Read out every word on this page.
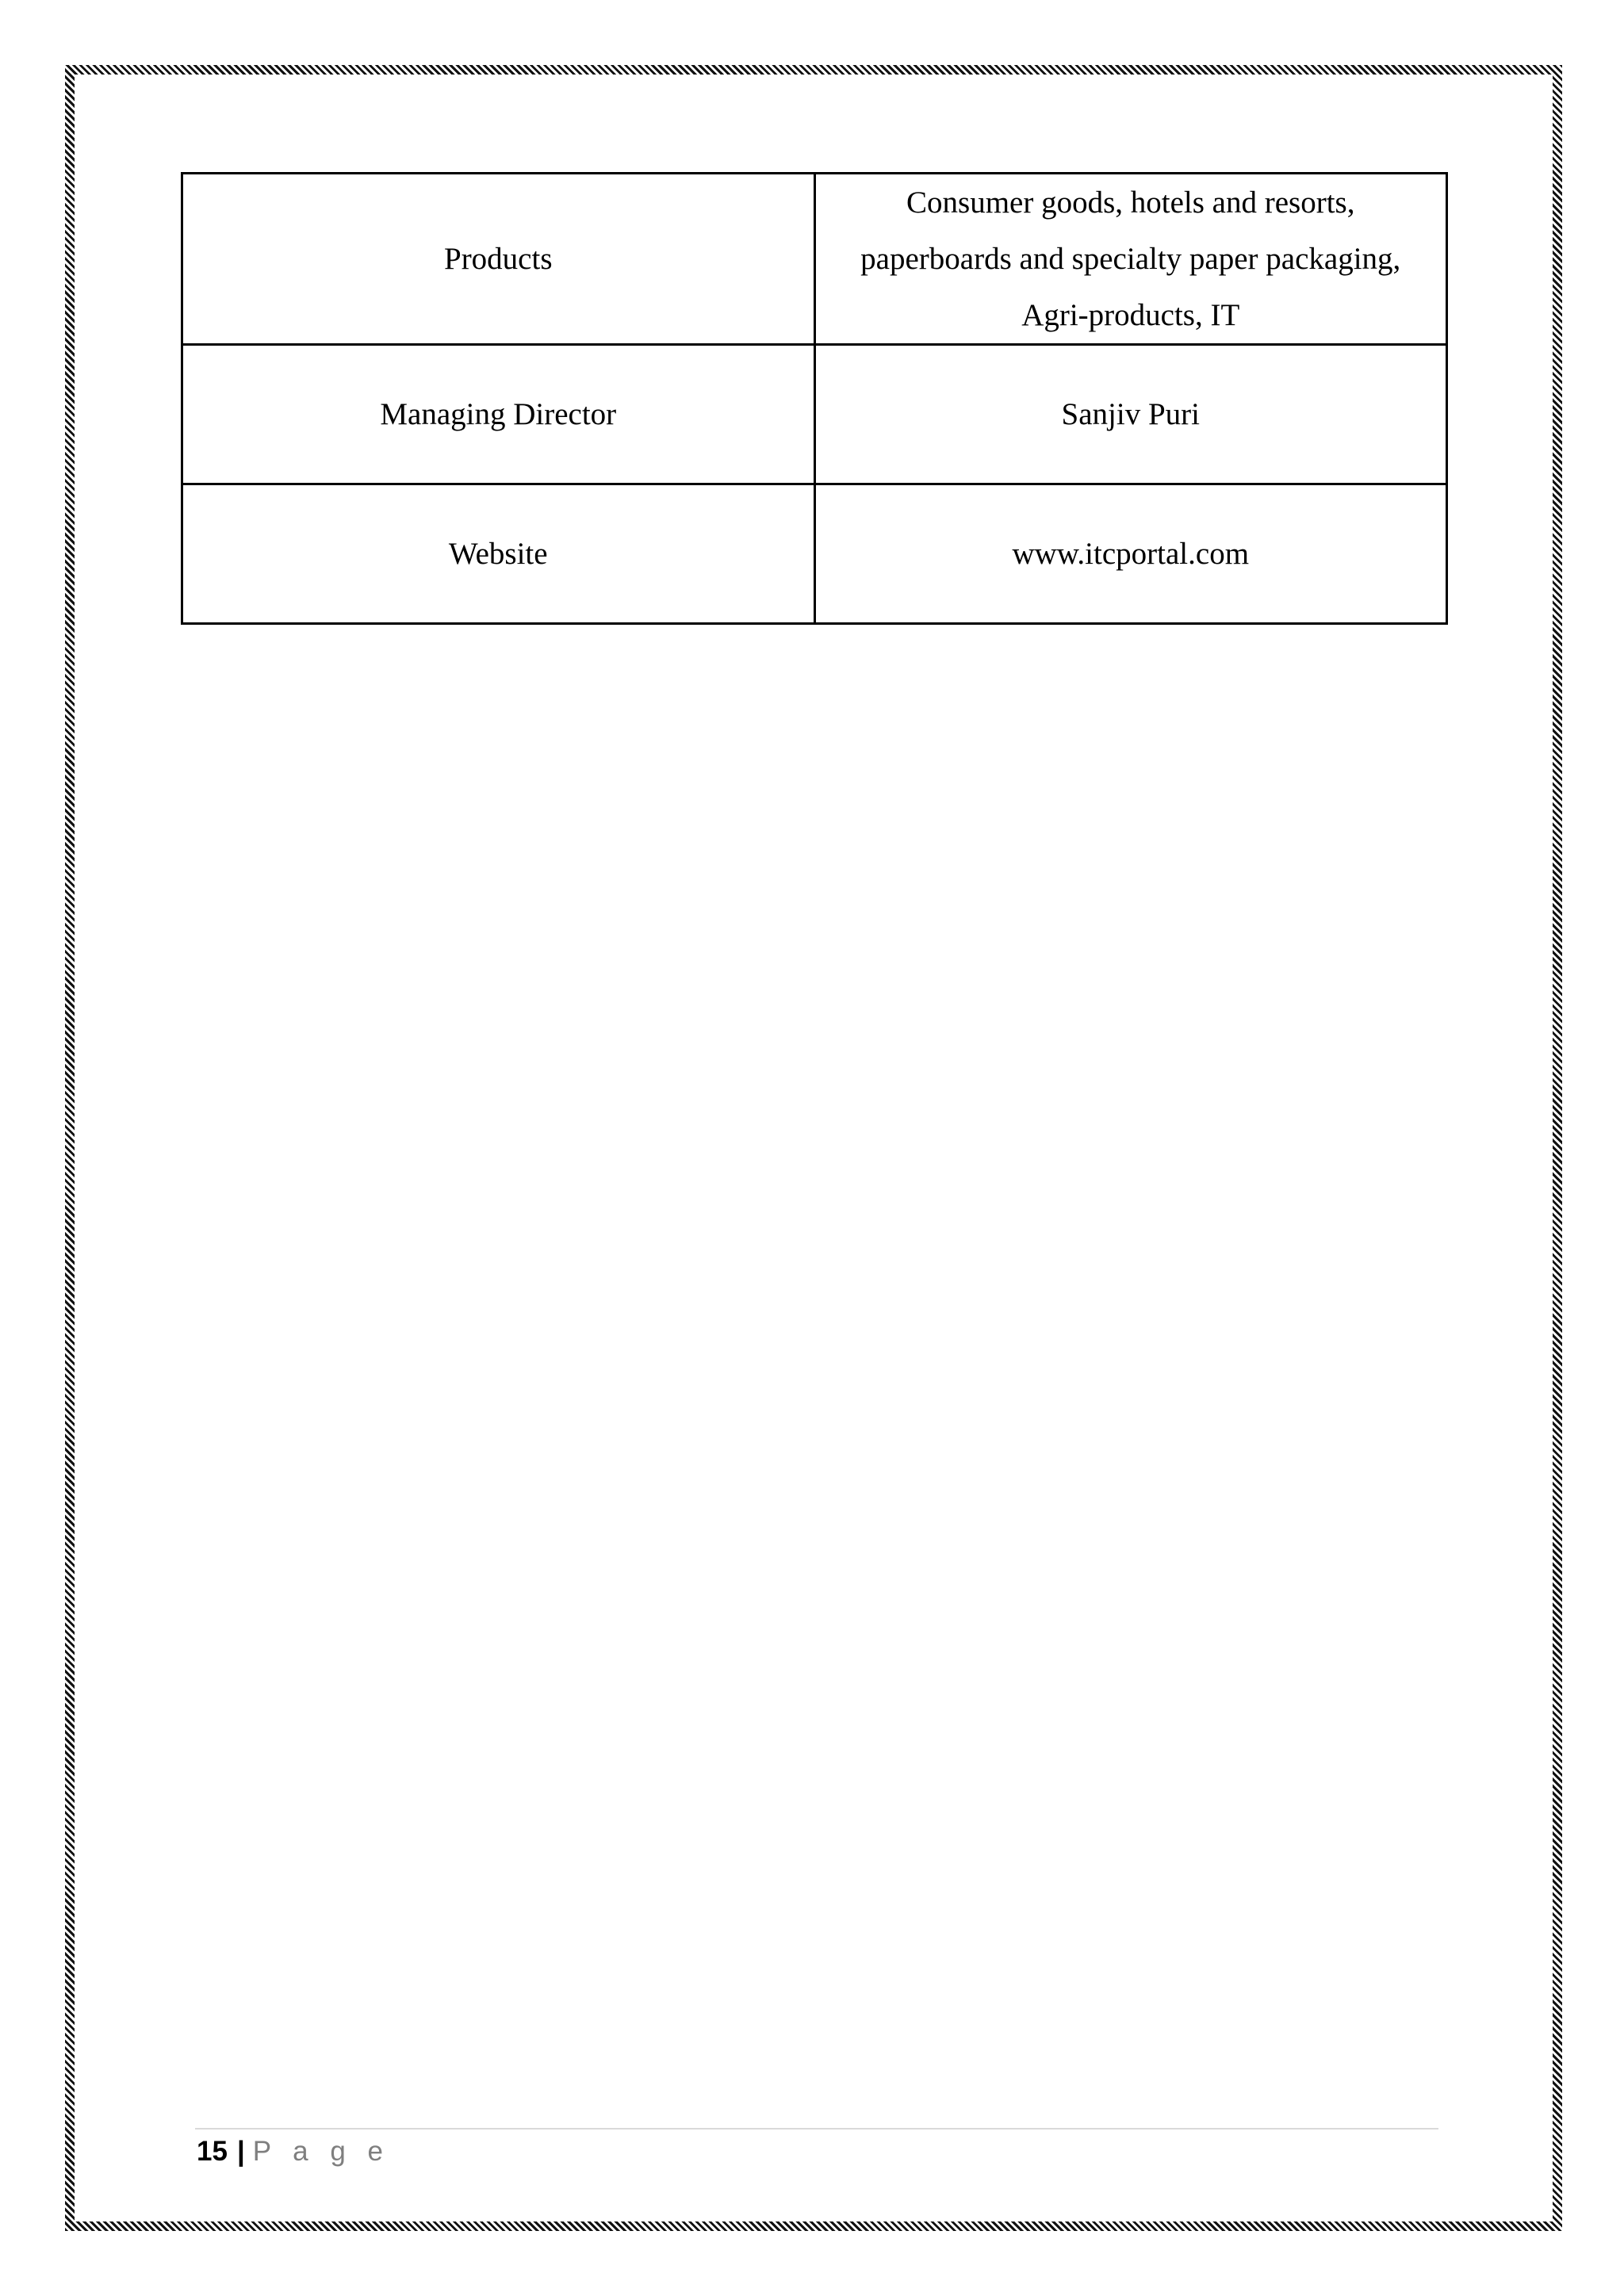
Products	Consumer goods, hotels and resorts,
paperboards and specialty paper packaging,
Agri-products, IT

Managing Director	Sanjiv Puri
Website	www.itcportal.com
15 | P a g e
